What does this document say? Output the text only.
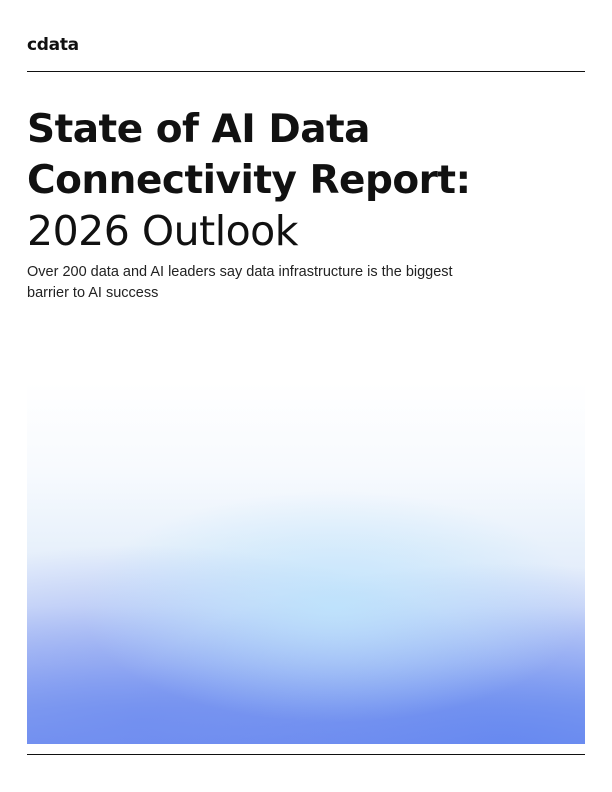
cdata
State of AI Data
Connectivity Report:
2026 Outlook

Over 200 data and AI leaders say data infrastructure is the biggest barrier to AI success
